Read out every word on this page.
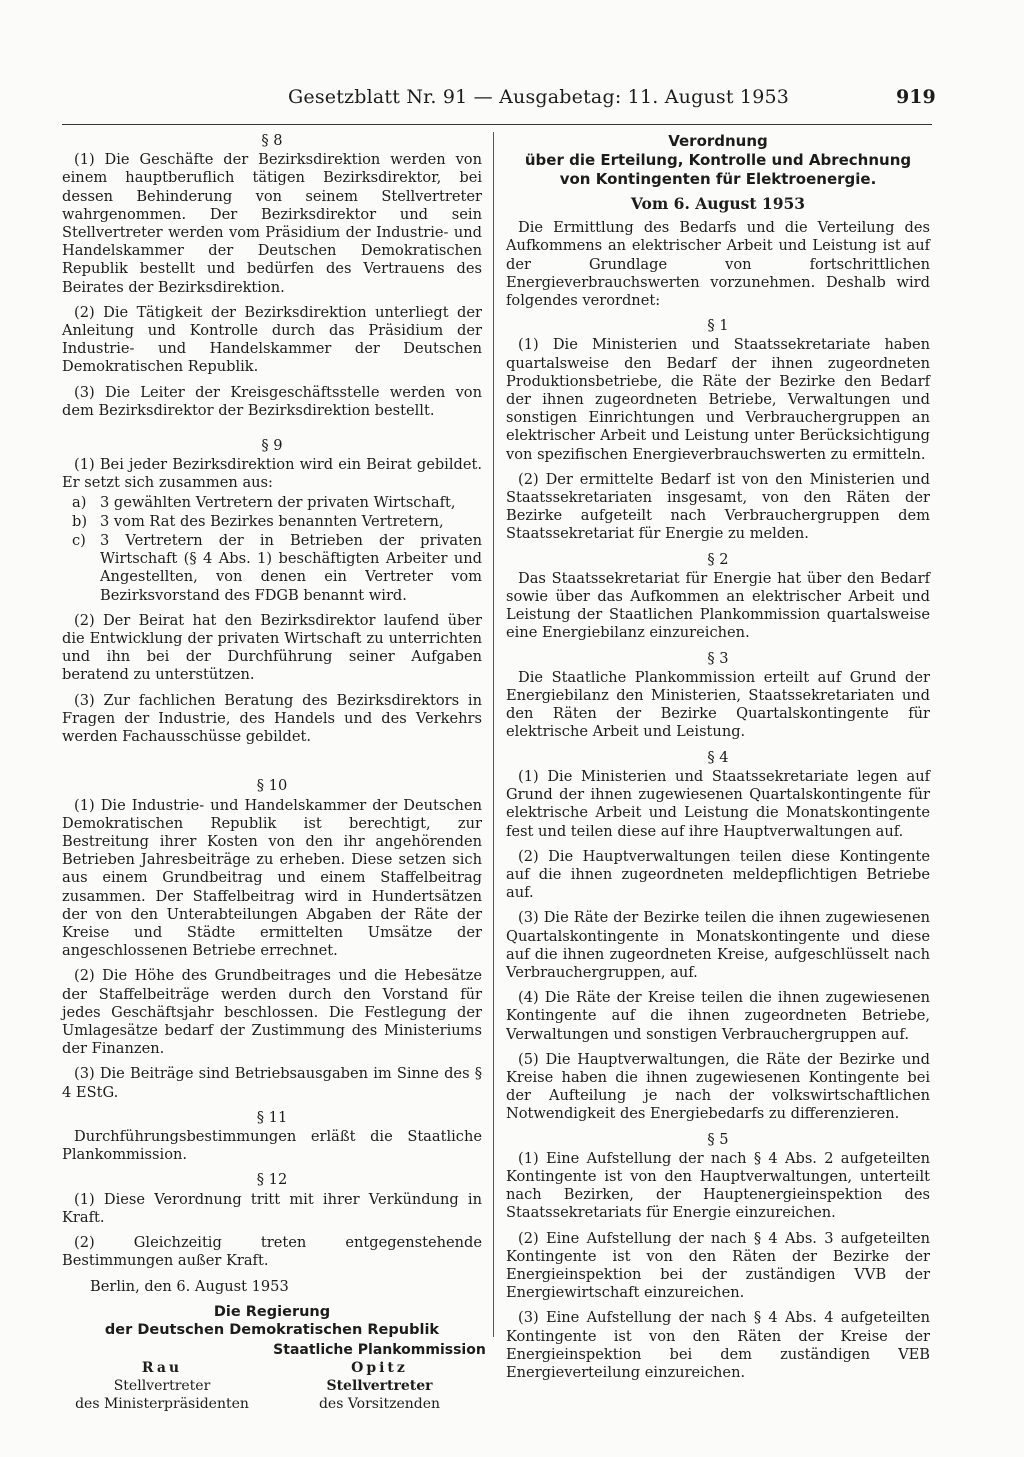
Gesetzblatt Nr. 91 — Ausgabetag: 11. August 1953	919
§ 8

(1) Die Geschäfte der Bezirksdirektion werden von einem hauptberuflich tätigen Bezirksdirektor, bei dessen Behinderung von seinem Stellvertreter wahrgenommen. Der Bezirksdirektor und sein Stellvertreter werden vom Präsidium der Industrie- und Handelskammer der Deutschen Demokratischen Republik bestellt und bedürfen des Vertrauens des Beirates der Bezirksdirektion.

(2) Die Tätigkeit der Bezirksdirektion unterliegt der Anleitung und Kontrolle durch das Präsidium der Industrie- und Handelskammer der Deutschen Demokratischen Republik.

(3) Die Leiter der Kreisgeschäftsstelle werden von dem Bezirksdirektor der Bezirksdirektion bestellt.

§ 9

(1) Bei jeder Bezirksdirektion wird ein Beirat gebildet. Er setzt sich zusammen aus:

a) 3 gewählten Vertretern der privaten Wirtschaft,
b) 3 vom Rat des Bezirkes benannten Vertretern,
c) 3 Vertretern der in Betrieben der privaten Wirtschaft (§ 4 Abs. 1) beschäftigten Arbeiter und Angestellten, von denen ein Vertreter vom Bezirksvorstand des FDGB benannt wird.

(2) Der Beirat hat den Bezirksdirektor laufend über die Entwicklung der privaten Wirtschaft zu unterrichten und ihn bei der Durchführung seiner Aufgaben beratend zu unterstützen.

(3) Zur fachlichen Beratung des Bezirksdirektors in Fragen der Industrie, des Handels und des Verkehrs werden Fachausschüsse gebildet.

§ 10

(1) Die Industrie- und Handelskammer der Deutschen Demokratischen Republik ist berechtigt, zur Bestreitung ihrer Kosten von den ihr angehörenden Betrieben Jahresbeiträge zu erheben. Diese setzen sich aus einem Grundbeitrag und einem Staffelbeitrag zusammen. Der Staffelbeitrag wird in Hundertsätzen der von den Unterabteilungen Abgaben der Räte der Kreise und Städte ermittelten Umsätze der angeschlossenen Betriebe errechnet.

(2) Die Höhe des Grundbeitrages und die Hebesätze der Staffelbeiträge werden durch den Vorstand für jedes Geschäftsjahr beschlossen. Die Festlegung der Umlagesätze bedarf der Zustimmung des Ministeriums der Finanzen.

(3) Die Beiträge sind Betriebsausgaben im Sinne des § 4 EStG.

§ 11

Durchführungsbestimmungen erläßt die Staatliche Plankommission.

§ 12

(1) Diese Verordnung tritt mit ihrer Verkündung in Kraft.

(2) Gleichzeitig treten entgegenstehende Bestimmungen außer Kraft.

Berlin, den 6. August 1953
Die Regierung
der Deutschen Demokratischen Republik
Rau
Stellvertreter
des Ministerpräsidenten
Staatliche Plankommission
Opitz
Stellvertreter
des Vorsitzenden
Verordnung
über die Erteilung, Kontrolle und Abrechnung
von Kontingenten für Elektroenergie.
Vom 6. August 1953

Die Ermittlung des Bedarfs und die Verteilung des Aufkommens an elektrischer Arbeit und Leistung ist auf der Grundlage von fortschrittlichen Energieverbrauchswerten vorzunehmen. Deshalb wird folgendes verordnet:

§ 1

(1) Die Ministerien und Staatssekretariate haben quartalsweise den Bedarf der ihnen zugeordneten Produktionsbetriebe, die Räte der Bezirke den Bedarf der ihnen zugeordneten Betriebe, Verwaltungen und sonstigen Einrichtungen und Verbrauchergruppen an elektrischer Arbeit und Leistung unter Berücksichtigung von spezifischen Energieverbrauchswerten zu ermitteln.

(2) Der ermittelte Bedarf ist von den Ministerien und Staatssekretariaten insgesamt, von den Räten der Bezirke aufgeteilt nach Verbrauchergruppen dem Staatssekretariat für Energie zu melden.

§ 2

Das Staatssekretariat für Energie hat über den Bedarf sowie über das Aufkommen an elektrischer Arbeit und Leistung der Staatlichen Plankommission quartalsweise eine Energiebilanz einzureichen.

§ 3

Die Staatliche Plankommission erteilt auf Grund der Energiebilanz den Ministerien, Staatssekretariaten und den Räten der Bezirke Quartalskontingente für elektrische Arbeit und Leistung.

§ 4

(1) Die Ministerien und Staatssekretariate legen auf Grund der ihnen zugewiesenen Quartalskontingente für elektrische Arbeit und Leistung die Monatskontingente fest und teilen diese auf ihre Hauptverwaltungen auf.

(2) Die Hauptverwaltungen teilen diese Kontingente auf die ihnen zugeordneten meldepflichtigen Betriebe auf.

(3) Die Räte der Bezirke teilen die ihnen zugewiesenen Quartalskontingente in Monatskontingente und diese auf die ihnen zugeordneten Kreise, aufgeschlüsselt nach Verbrauchergruppen, auf.

(4) Die Räte der Kreise teilen die ihnen zugewiesenen Kontingente auf die ihnen zugeordneten Betriebe, Verwaltungen und sonstigen Verbrauchergruppen auf.

(5) Die Hauptverwaltungen, die Räte der Bezirke und Kreise haben die ihnen zugewiesenen Kontingente bei der Aufteilung je nach der volkswirtschaftlichen Notwendigkeit des Energiebedarfs zu differenzieren.

§ 5

(1) Eine Aufstellung der nach § 4 Abs. 2 aufgeteilten Kontingente ist von den Hauptverwaltungen, unterteilt nach Bezirken, der Hauptenergieinspektion des Staatssekretariats für Energie einzureichen.

(2) Eine Aufstellung der nach § 4 Abs. 3 aufgeteilten Kontingente ist von den Räten der Bezirke der Energieinspektion bei der zuständigen VVB der Energiewirtschaft einzureichen.

(3) Eine Aufstellung der nach § 4 Abs. 4 aufgeteilten Kontingente ist von den Räten der Kreise der Energieinspektion bei dem zuständigen VEB Energieverteilung einzureichen.
